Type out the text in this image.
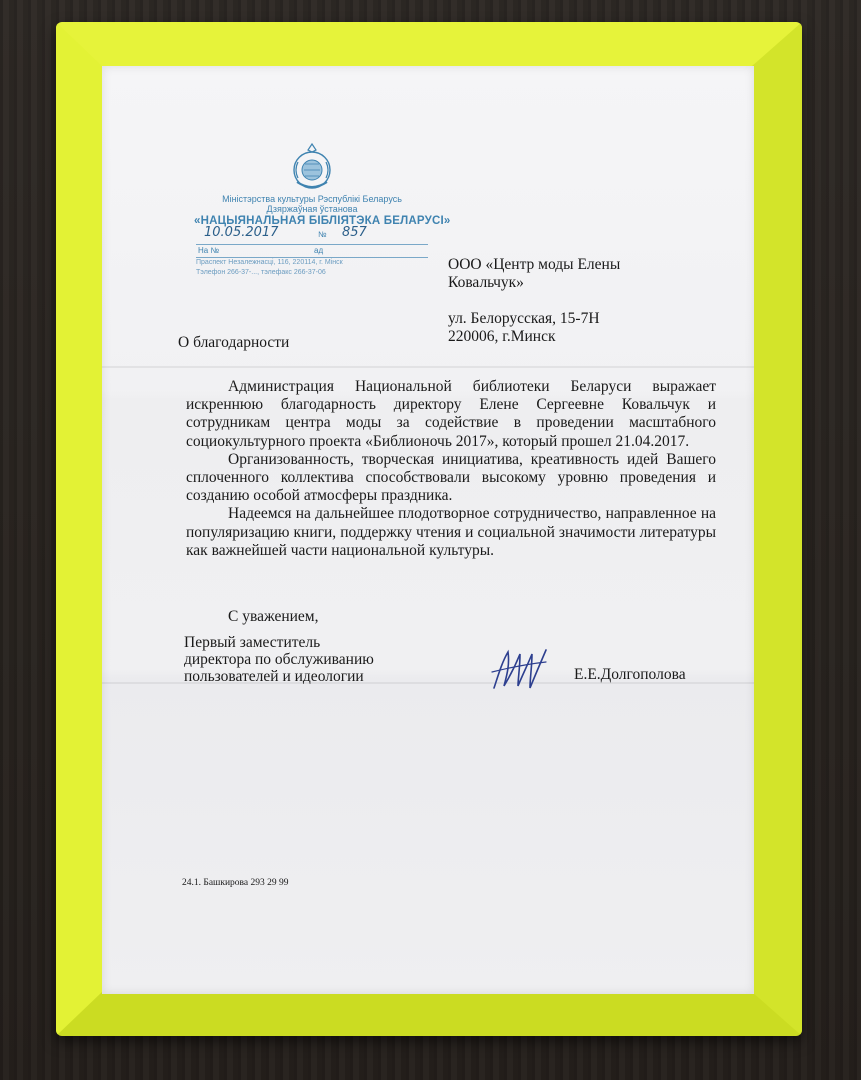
Міністэрства культуры Рэспублікі Беларусь
Дзяржаўная ўстанова
«НАЦЫЯНАЛЬНАЯ БІБЛІЯТЭКА БЕЛАРУСІ»
10.05.2017	№ 857
На №	ад
Праспект Незалежнасці, 116, 220114, г. Мінск
Тэлефон 266-37-..., тэлефакс 266-37-06	ООО «Центр моды Елены
Ковальчук»
ул. Белорусская, 15-7Н
220006, г.Минск
О благодарности

Администрация Национальной библиотеки Беларуси выражает искреннюю благодарность директору Елене Сергеевне Ковальчук и сотрудникам центра моды за содействие в проведении масштабного социокультурного проекта «Библионочь 2017», который прошел 21.04.2017.

Организованность, творческая инициатива, креативность идей Вашего сплоченного коллектива способствовали высокому уровню проведения и созданию особой атмосферы праздника.

Надеемся на дальнейшее плодотворное сотрудничество, направленное на популяризацию книги, поддержку чтения и социальной значимости литературы как важнейшей части национальной культуры.

С уважением,
Первый заместитель
директора по обслуживанию
пользователей и идеологии	Е.Е.Долгополова
24.1. Башкирова 293 29 99
